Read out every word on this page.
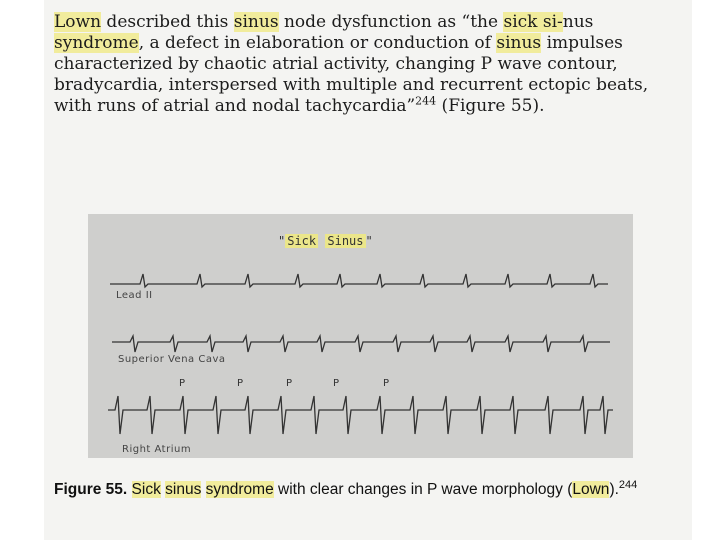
Lown described this sinus node dysfunction as “the sick si-nus syndrome, a defect in elaboration or conduction of sinus impulses characterized by chaotic atrial activity, changing P wave contour, bradycardia, interspersed with multiple and recurrent ectopic beats, with runs of atrial and nodal tachycardia”$^{244}$ (Figure 55).

P	P	P	P	P
" Sick Sinus "
Lead II
Superior Vena Cava
Right Atrium

Figure 55. Sick sinus syndrome with clear changes in P wave morphology (Lown).$^{244}$
